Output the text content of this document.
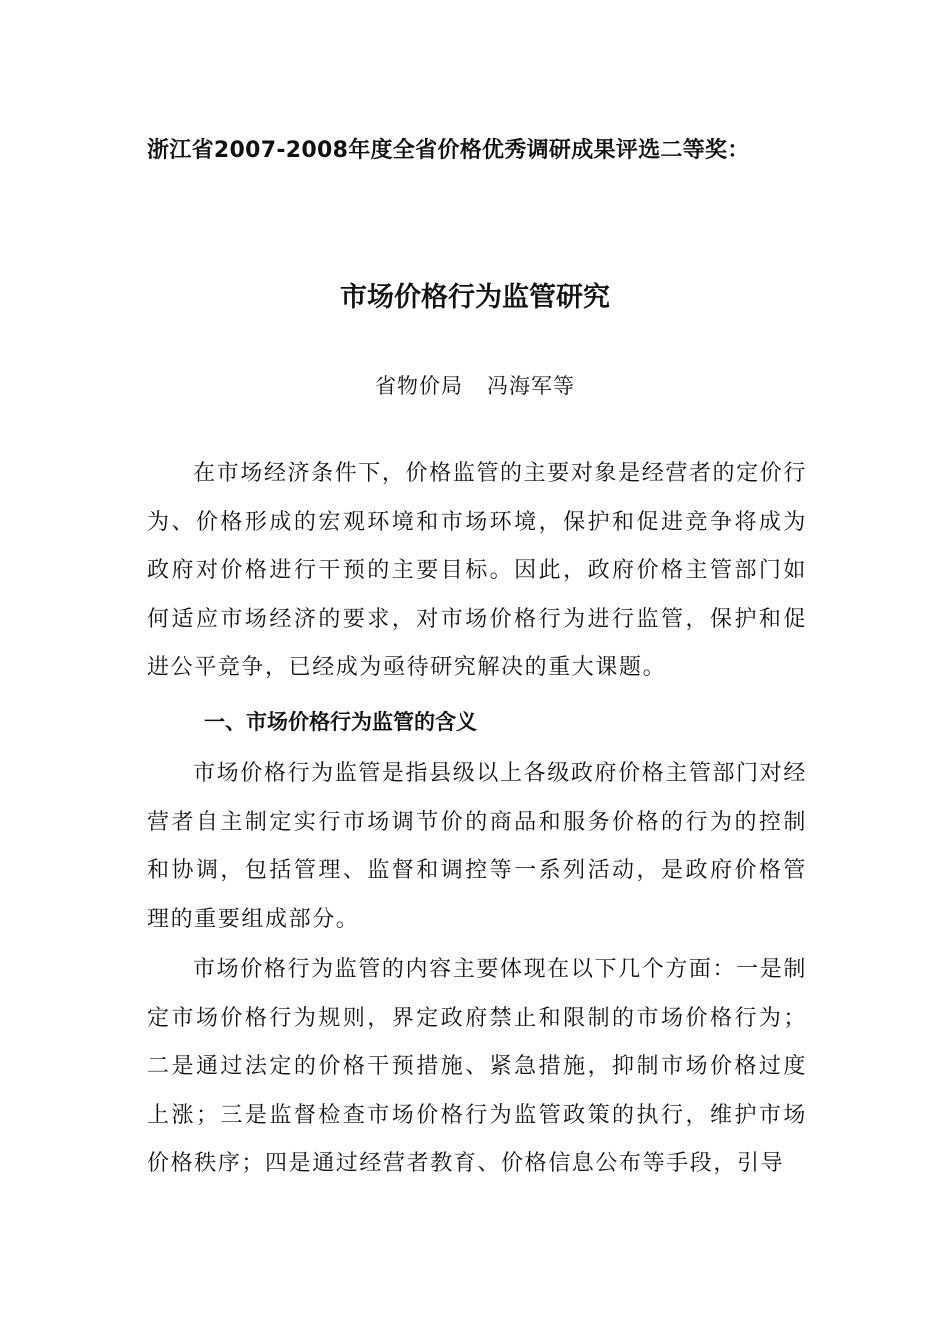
浙江省2007-2008年度全省价格优秀调研成果评选二等奖：
市场价格行为监管研究
省物价局 冯海军等

在市场经济条件下，价格监管的主要对象是经营者的定价行为、价格形成的宏观环境和市场环境，保护和促进竞争将成为政府对价格进行干预的主要目标。因此，政府价格主管部门如何适应市场经济的要求，对市场价格行为进行监管，保护和促进公平竞争，已经成为亟待研究解决的重大课题。

一、市场价格行为监管的含义

市场价格行为监管是指县级以上各级政府价格主管部门对经营者自主制定实行市场调节价的商品和服务价格的行为的控制和协调，包括管理、监督和调控等一系列活动，是政府价格管理的重要组成部分。

市场价格行为监管的内容主要体现在以下几个方面：一是制定市场价格行为规则，界定政府禁止和限制的市场价格行为；二是通过法定的价格干预措施、紧急措施，抑制市场价格过度上涨；三是监督检查市场价格行为监管政策的执行，维护市场价格秩序；四是通过经营者教育、价格信息公布等手段，引导
